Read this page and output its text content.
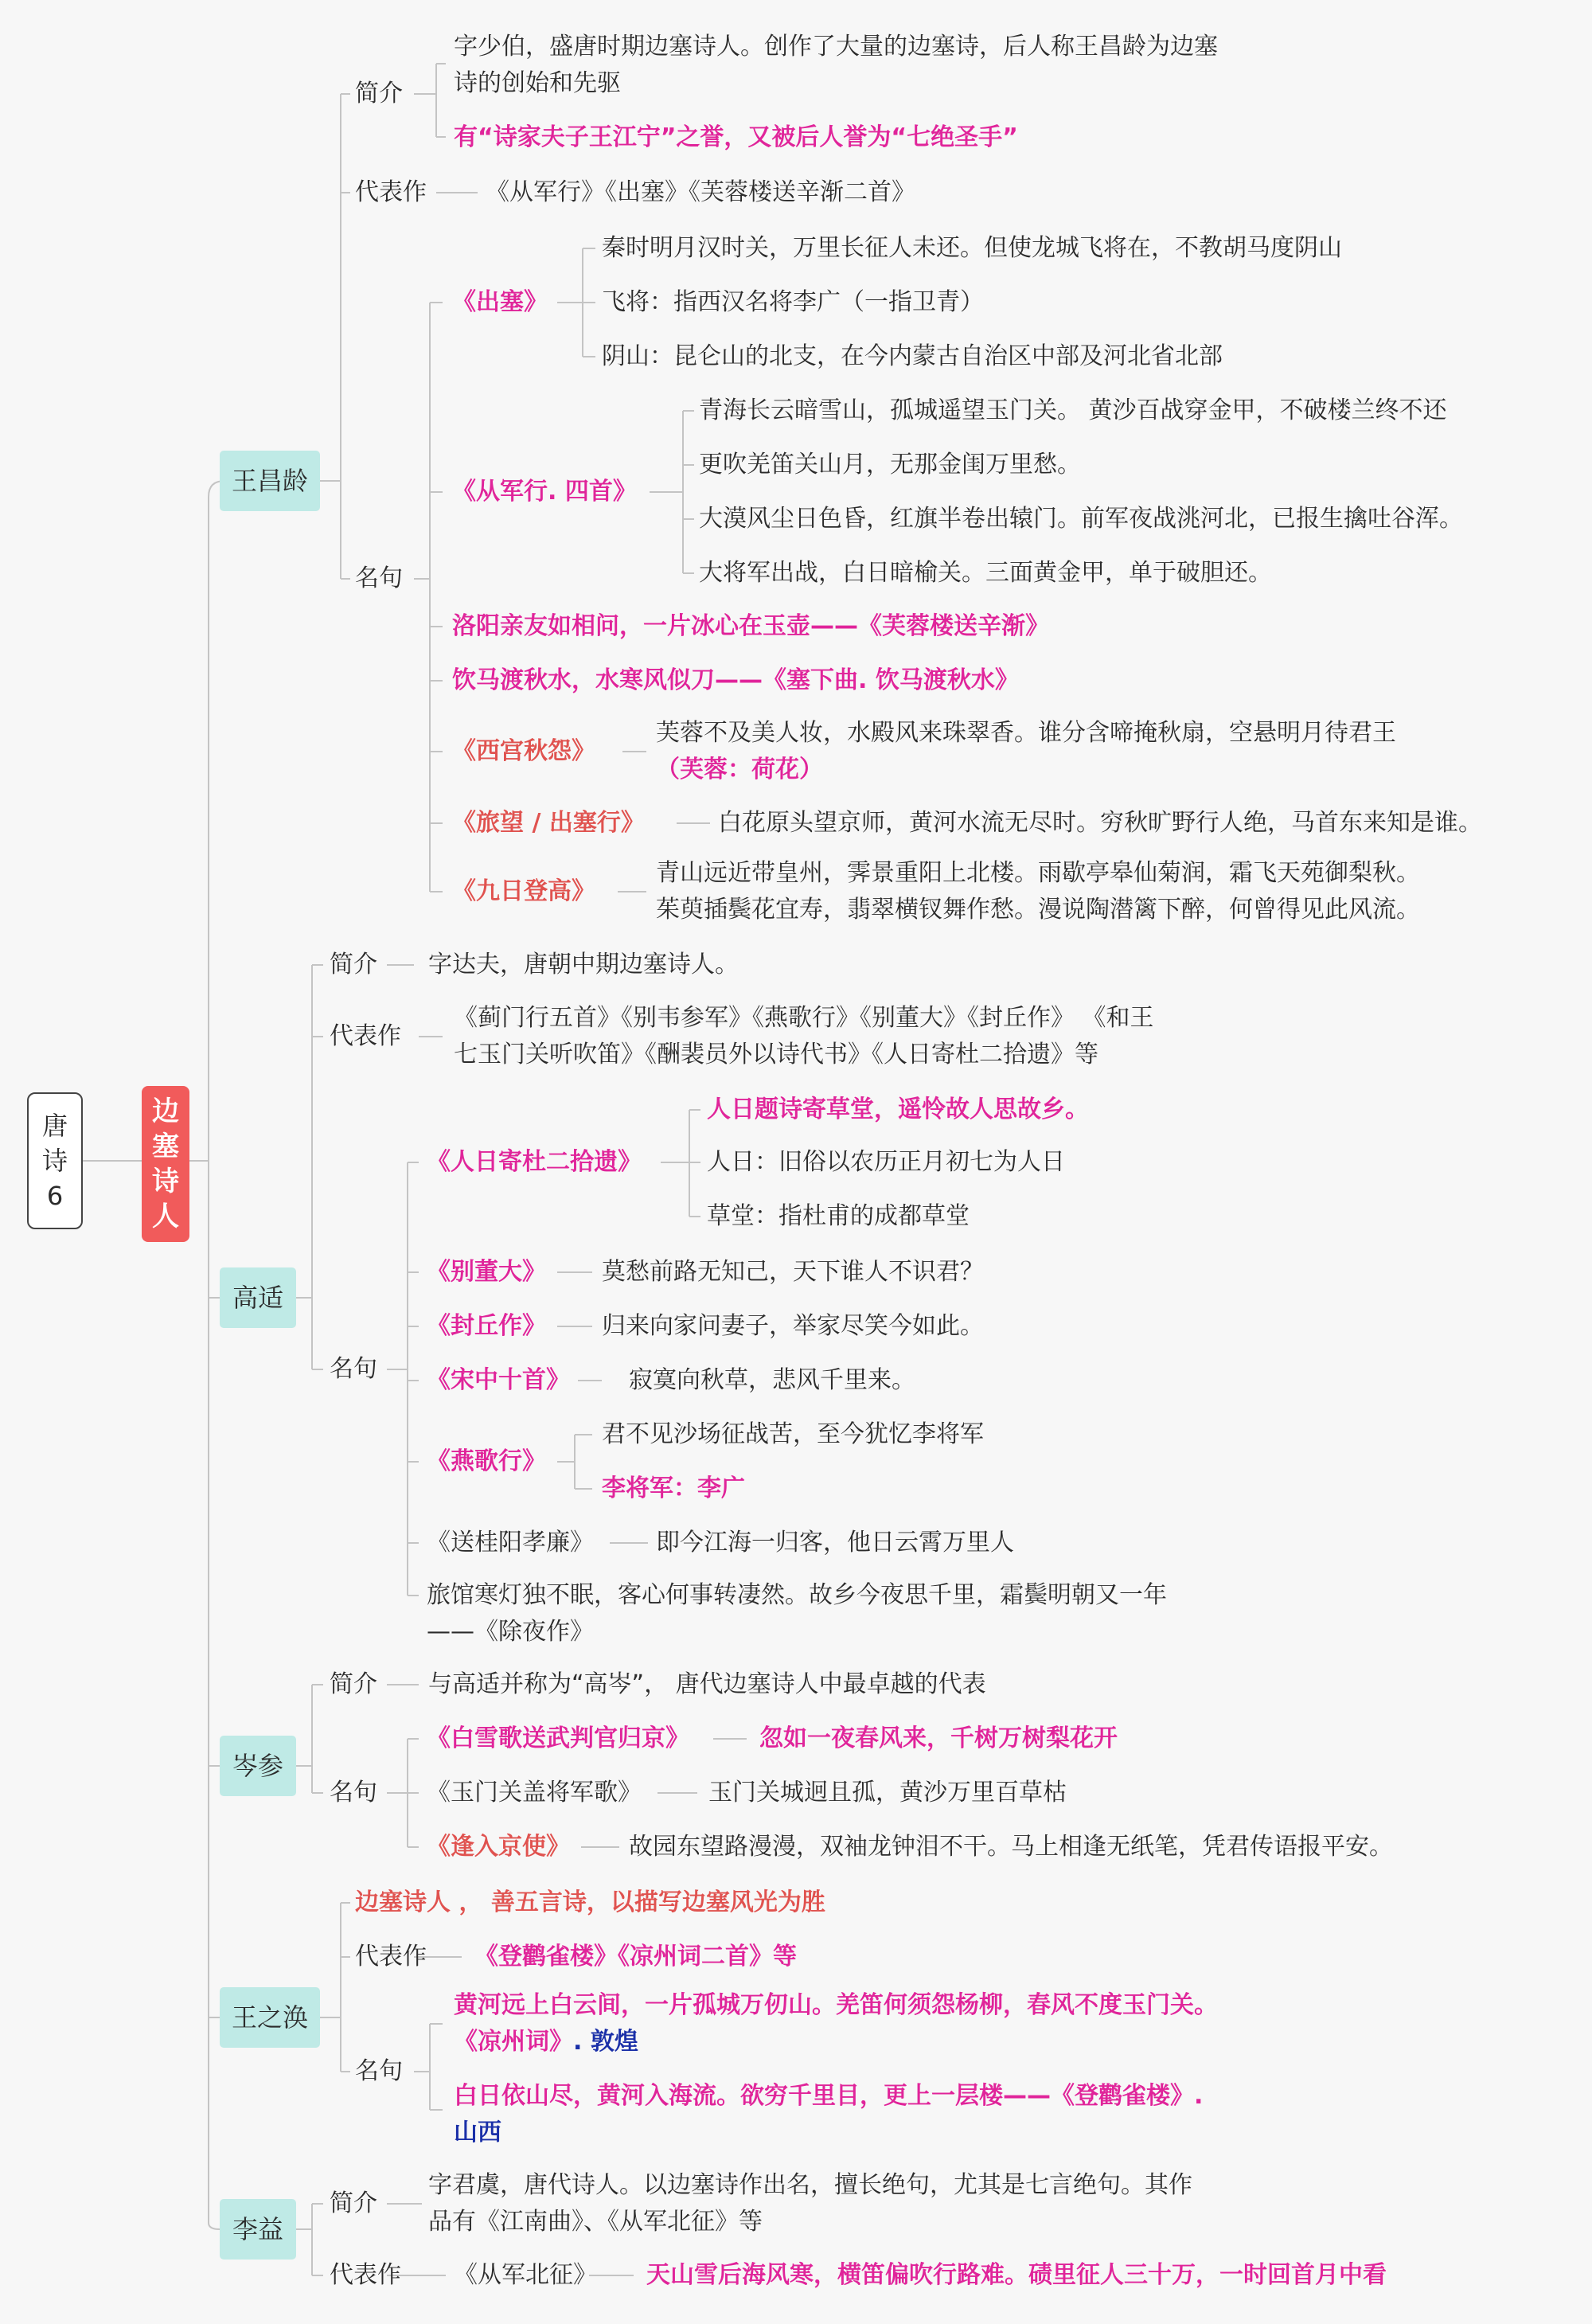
唐
诗
6
边
塞
诗
人
王昌龄
简介
字少伯，盛唐时期边塞诗人。创作了大量的边塞诗，后人称王昌龄为边塞
诗的创始和先驱
有“诗家夫子王江宁”之誉，又被后人誉为“七绝圣手”
代表作 《从军行》《出塞》《芙蓉楼送辛渐二首》
名句
《出塞》
秦时明月汉时关，万里长征人未还。但使龙城飞将在，不教胡马度阴山
飞将：指西汉名将李广（一指卫青）
阴山：昆仑山的北支，在今内蒙古自治区中部及河北省北部
《从军行. 四首》
青海长云暗雪山，孤城遥望玉门关。 黄沙百战穿金甲，不破楼兰终不还
更吹羌笛关山月，无那金闺万里愁。
大漠风尘日色昏，红旗半卷出辕门。前军夜战洮河北，已报生擒吐谷浑。
大将军出战，白日暗榆关。三面黄金甲，单于破胆还。
洛阳亲友如相问，一片冰心在玉壶——《芙蓉楼送辛渐》
饮马渡秋水，水寒风似刀——《塞下曲. 饮马渡秋水》
《西宫秋怨》
芙蓉不及美人妆，水殿风来珠翠香。谁分含啼掩秋扇，空悬明月待君王
（芙蓉：荷花）
《旅望 / 出塞行》	白花原头望京师，黄河水流无尽时。穷秋旷野行人绝，马首东来知是谁。
《九日登高》
青山远近带皇州，霁景重阳上北楼。雨歇亭皋仙菊润，霜飞天苑御梨秋。
茱萸插鬓花宜寿，翡翠横钗舞作愁。漫说陶潜篱下醉，何曾得见此风流。
高适
简介 字达夫，唐朝中期边塞诗人。
代表作
《蓟门行五首》《别韦参军》《燕歌行》《别董大》《封丘作》 《和王
七玉门关听吹笛》《酬裴员外以诗代书》《人日寄杜二拾遗》等
名句
《人日寄杜二拾遗》
人日题诗寄草堂，遥怜故人思故乡。
人日：旧俗以农历正月初七为人日
草堂：指杜甫的成都草堂
《别董大》 莫愁前路无知己，天下谁人不识君？
《封丘作》 归来向家问妻子，举家尽笑今如此。
《宋中十首》 寂寞向秋草，悲风千里来。
《燕歌行》
君不见沙场征战苦，至今犹忆李将军
李将军：李广
《送桂阳孝廉》	即今江海一归客，他日云霄万里人
旅馆寒灯独不眠，客心何事转凄然。故乡今夜思千里，霜鬓明朝又一年
——《除夜作》
岑参
简介 与高适并称为“高岑”， 唐代边塞诗人中最卓越的代表
名句
《白雪歌送武判官归京》	忽如一夜春风来，千树万树梨花开
《玉门关盖将军歌》	玉门关城迥且孤，黄沙万里百草枯
《逢入京使》 故园东望路漫漫，双袖龙钟泪不干。马上相逢无纸笔，凭君传语报平安。
王之涣
边塞诗人 ， 善五言诗，以描写边塞风光为胜
代表作 《登鹳雀楼》《凉州词二首》等
名句
黄河远上白云间，一片孤城万仞山。羌笛何须怨杨柳，春风不度玉门关。
《凉州词》. 敦煌
白日依山尽，黄河入海流。欲穷千里目，更上一层楼——《登鹳雀楼》.
山西
李益
简介
字君虞，唐代诗人。以边塞诗作出名，擅长绝句，尤其是七言绝句。其作
品有《江南曲》、《从军北征》等
代表作 《从军北征》 天山雪后海风寒，横笛偏吹行路难。碛里征人三十万，一时回首月中看
